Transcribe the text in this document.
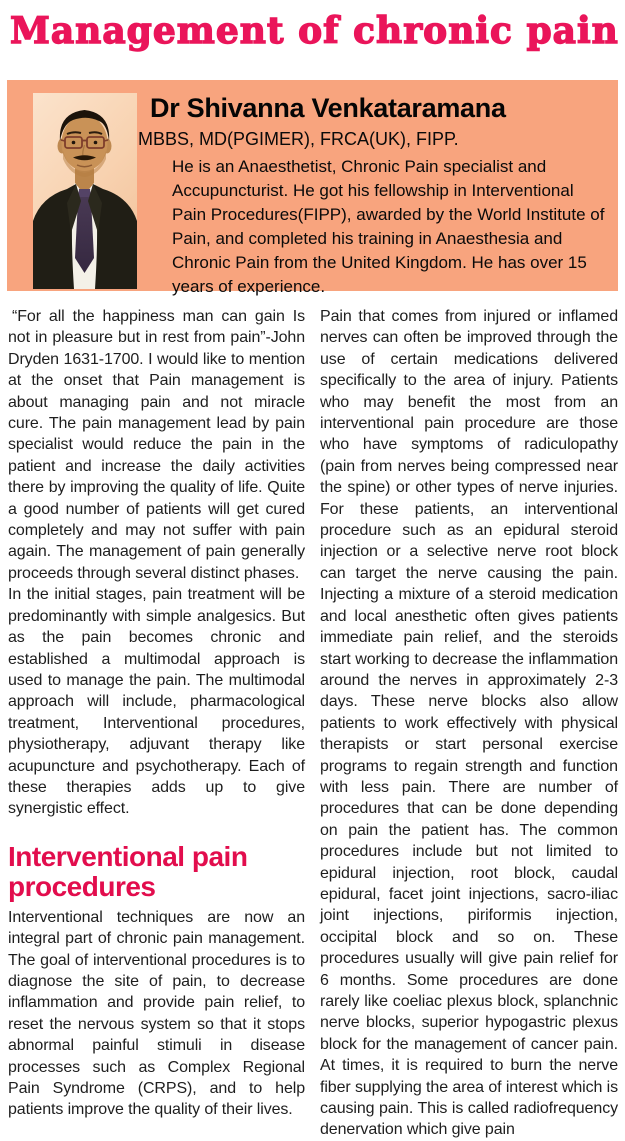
Management of chronic pain
Dr Shivanna Venkataramana
MBBS, MD(PGIMER), FRCA(UK), FIPP.

He is an Anaesthetist, Chronic Pain specialist and Accupuncturist. He got his fellowship in Interventional Pain Procedures(FIPP), awarded by the World Institute of Pain, and completed his training in Anaesthesia and Chronic Pain from the United Kingdom. He has over 15 years of experience.

“For all the happiness man can gain Is not in pleasure but in rest from pain”-John Dryden 1631-1700. I would like to mention at the onset that Pain management is about managing pain and not miracle cure. The pain management lead by pain specialist would reduce the pain in the patient and increase the daily activities there by improving the quality of life. Quite a good number of patients will get cured completely and may not suffer with pain again. The management of pain generally proceeds through several distinct phases.

In the initial stages, pain treatment will be predominantly with simple analgesics. But as the pain becomes chronic and established a multimodal approach is used to manage the pain. The multimodal approach will include, pharmacological treatment, Interventional procedures, physiotherapy, adjuvant therapy like acupuncture and psychotherapy. Each of these therapies adds up to give synergistic effect.

Interventional pain procedures

Interventional techniques are now an integral part of chronic pain management. The goal of interventional procedures is to diagnose the site of pain, to decrease inflammation and provide pain relief, to reset the nervous system so that it stops abnormal painful stimuli in disease processes such as Complex Regional Pain Syndrome (CRPS), and to help patients improve the quality of their lives.

Pain that comes from injured or inflamed nerves can often be improved through the use of certain medications delivered specifically to the area of injury. Patients who may benefit the most from an interventional pain procedure are those who have symptoms of radiculopathy (pain from nerves being compressed near the spine) or other types of nerve injuries. For these patients, an interventional procedure such as an epidural steroid injection or a selective nerve root block can target the nerve causing the pain. Injecting a mixture of a steroid medication and local anesthetic often gives patients immediate pain relief, and the steroids start working to decrease the inflammation around the nerves in approximately 2-3 days. These nerve blocks also allow patients to work effectively with physical therapists or start personal exercise programs to regain strength and function with less pain. There are number of procedures that can be done depending on pain the patient has. The common procedures include but not limited to epidural injection, root block, caudal epidural, facet joint injections, sacro-iliac joint injections, piriformis injection, occipital block and so on. These procedures usually will give pain relief for 6 months. Some procedures are done rarely like coeliac plexus block, splanchnic nerve blocks, superior hypogastric plexus block for the management of cancer pain. At times, it is required to burn the nerve fiber supplying the area of interest which is causing pain. This is called radiofrequency denervation which give pain
